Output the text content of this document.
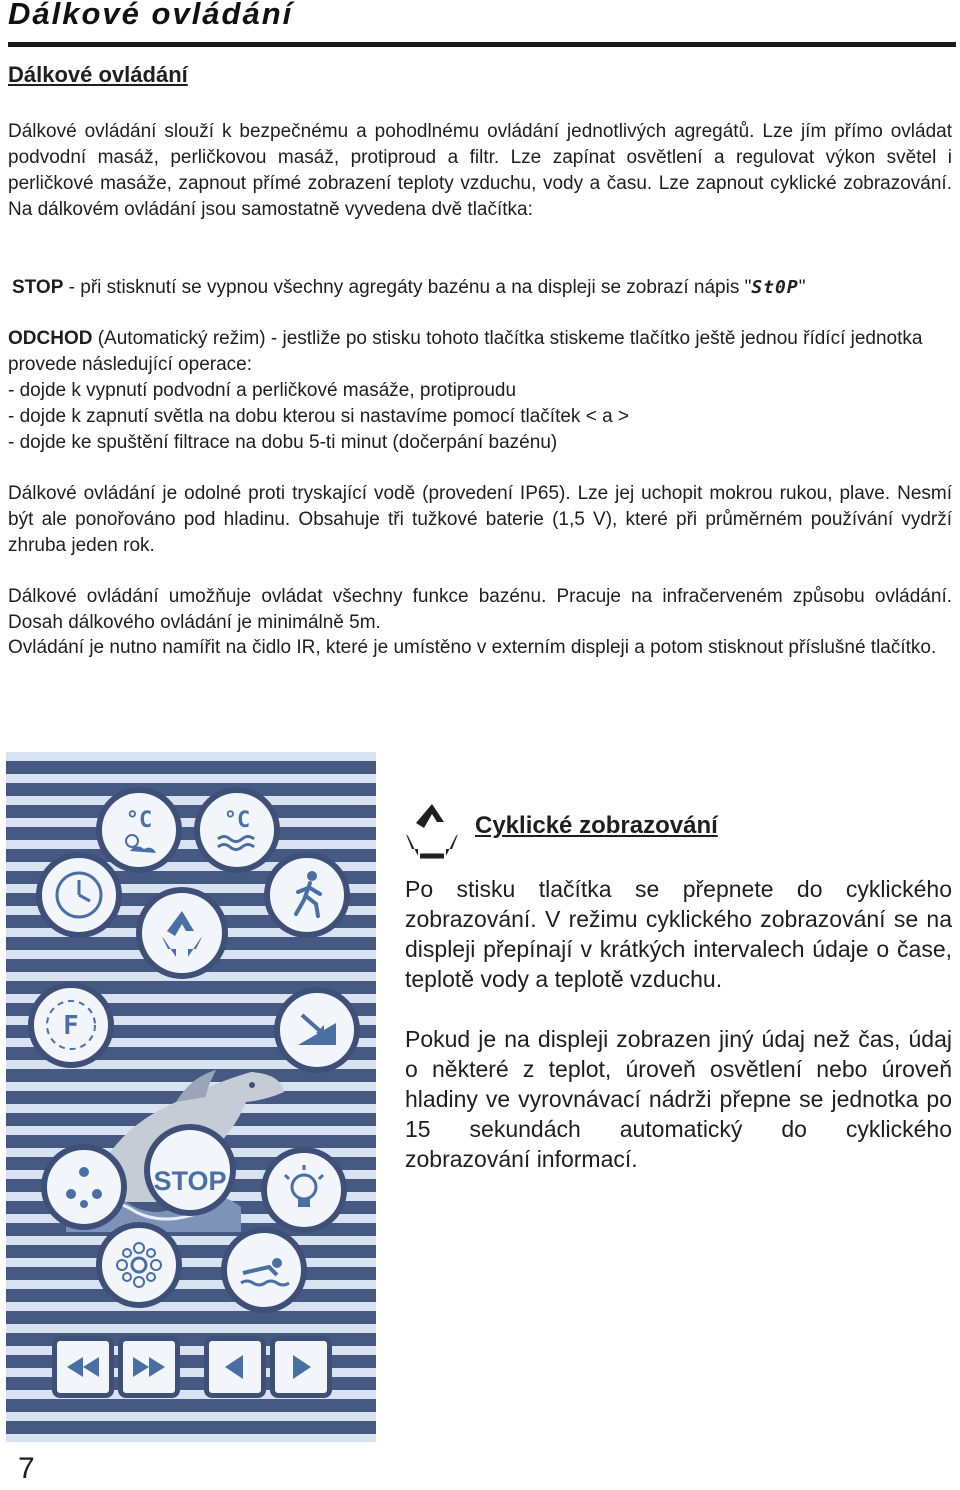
Dálkové ovládání
Dálkové ovládání
Dálkové ovládání slouží k bezpečnému a pohodlnému ovládání jednotlivých agregátů. Lze jím přímo ovládat podvodní masáž, perličkovou masáž, protiproud a filtr. Lze zapínat osvětlení a regulovat výkon světel i perličkové masáže, zapnout přímé zobrazení teploty vzduchu, vody a času. Lze zapnout cyklické zobrazování. Na dálkovém ovládání jsou samostatně vyvedena dvě tlačítka:
STOP - při stisknutí se vypnou všechny agregáty bazénu a na displeji se zobrazí nápis "St0P"
ODCHOD (Automatický režim) - jestliže po stisku tohoto tlačítka stiskeme tlačítko ještě jednou řídící jednotka provede následující operace:
- dojde k vypnutí podvodní a perličkové masáže, protiproudu
- dojde k zapnutí světla na dobu kterou si nastavíme pomocí tlačítek < a >
- dojde ke spuštění filtrace na dobu 5-ti minut (dočerpání bazénu)
Dálkové ovládání je odolné proti tryskající vodě (provedení IP65). Lze jej uchopit mokrou rukou, plave. Nesmí být ale ponořováno pod hladinu. Obsahuje tři tužkové baterie (1,5 V), které při průměrném používání vydrží zhruba jeden rok.
Dálkové ovládání umožňuje ovládat všechny funkce bazénu. Pracuje na infračerveném způsobu ovládání. Dosah dálkového ovládání je minimálně 5m.
Ovládání je nutno namířit na čidlo IR, které je umístěno v externím displeji a potom stisknout příslušné tlačítko.
°C	°C
F
STOP
Cyklické zobrazování
Po stisku tlačítka se přepnete do cyklického zobrazování. V režimu cyklického zobrazování se na displeji přepínají v krátkých intervalech údaje o čase, teplotě vody a teplotě vzduchu.
Pokud je na displeji zobrazen jiný údaj než čas, údaj o některé z teplot, úroveň osvětlení nebo úroveň hladiny ve vyrovnávací nádrži přepne se jednotka po 15 sekundách automatický do cyklického zobrazování informací.
7
